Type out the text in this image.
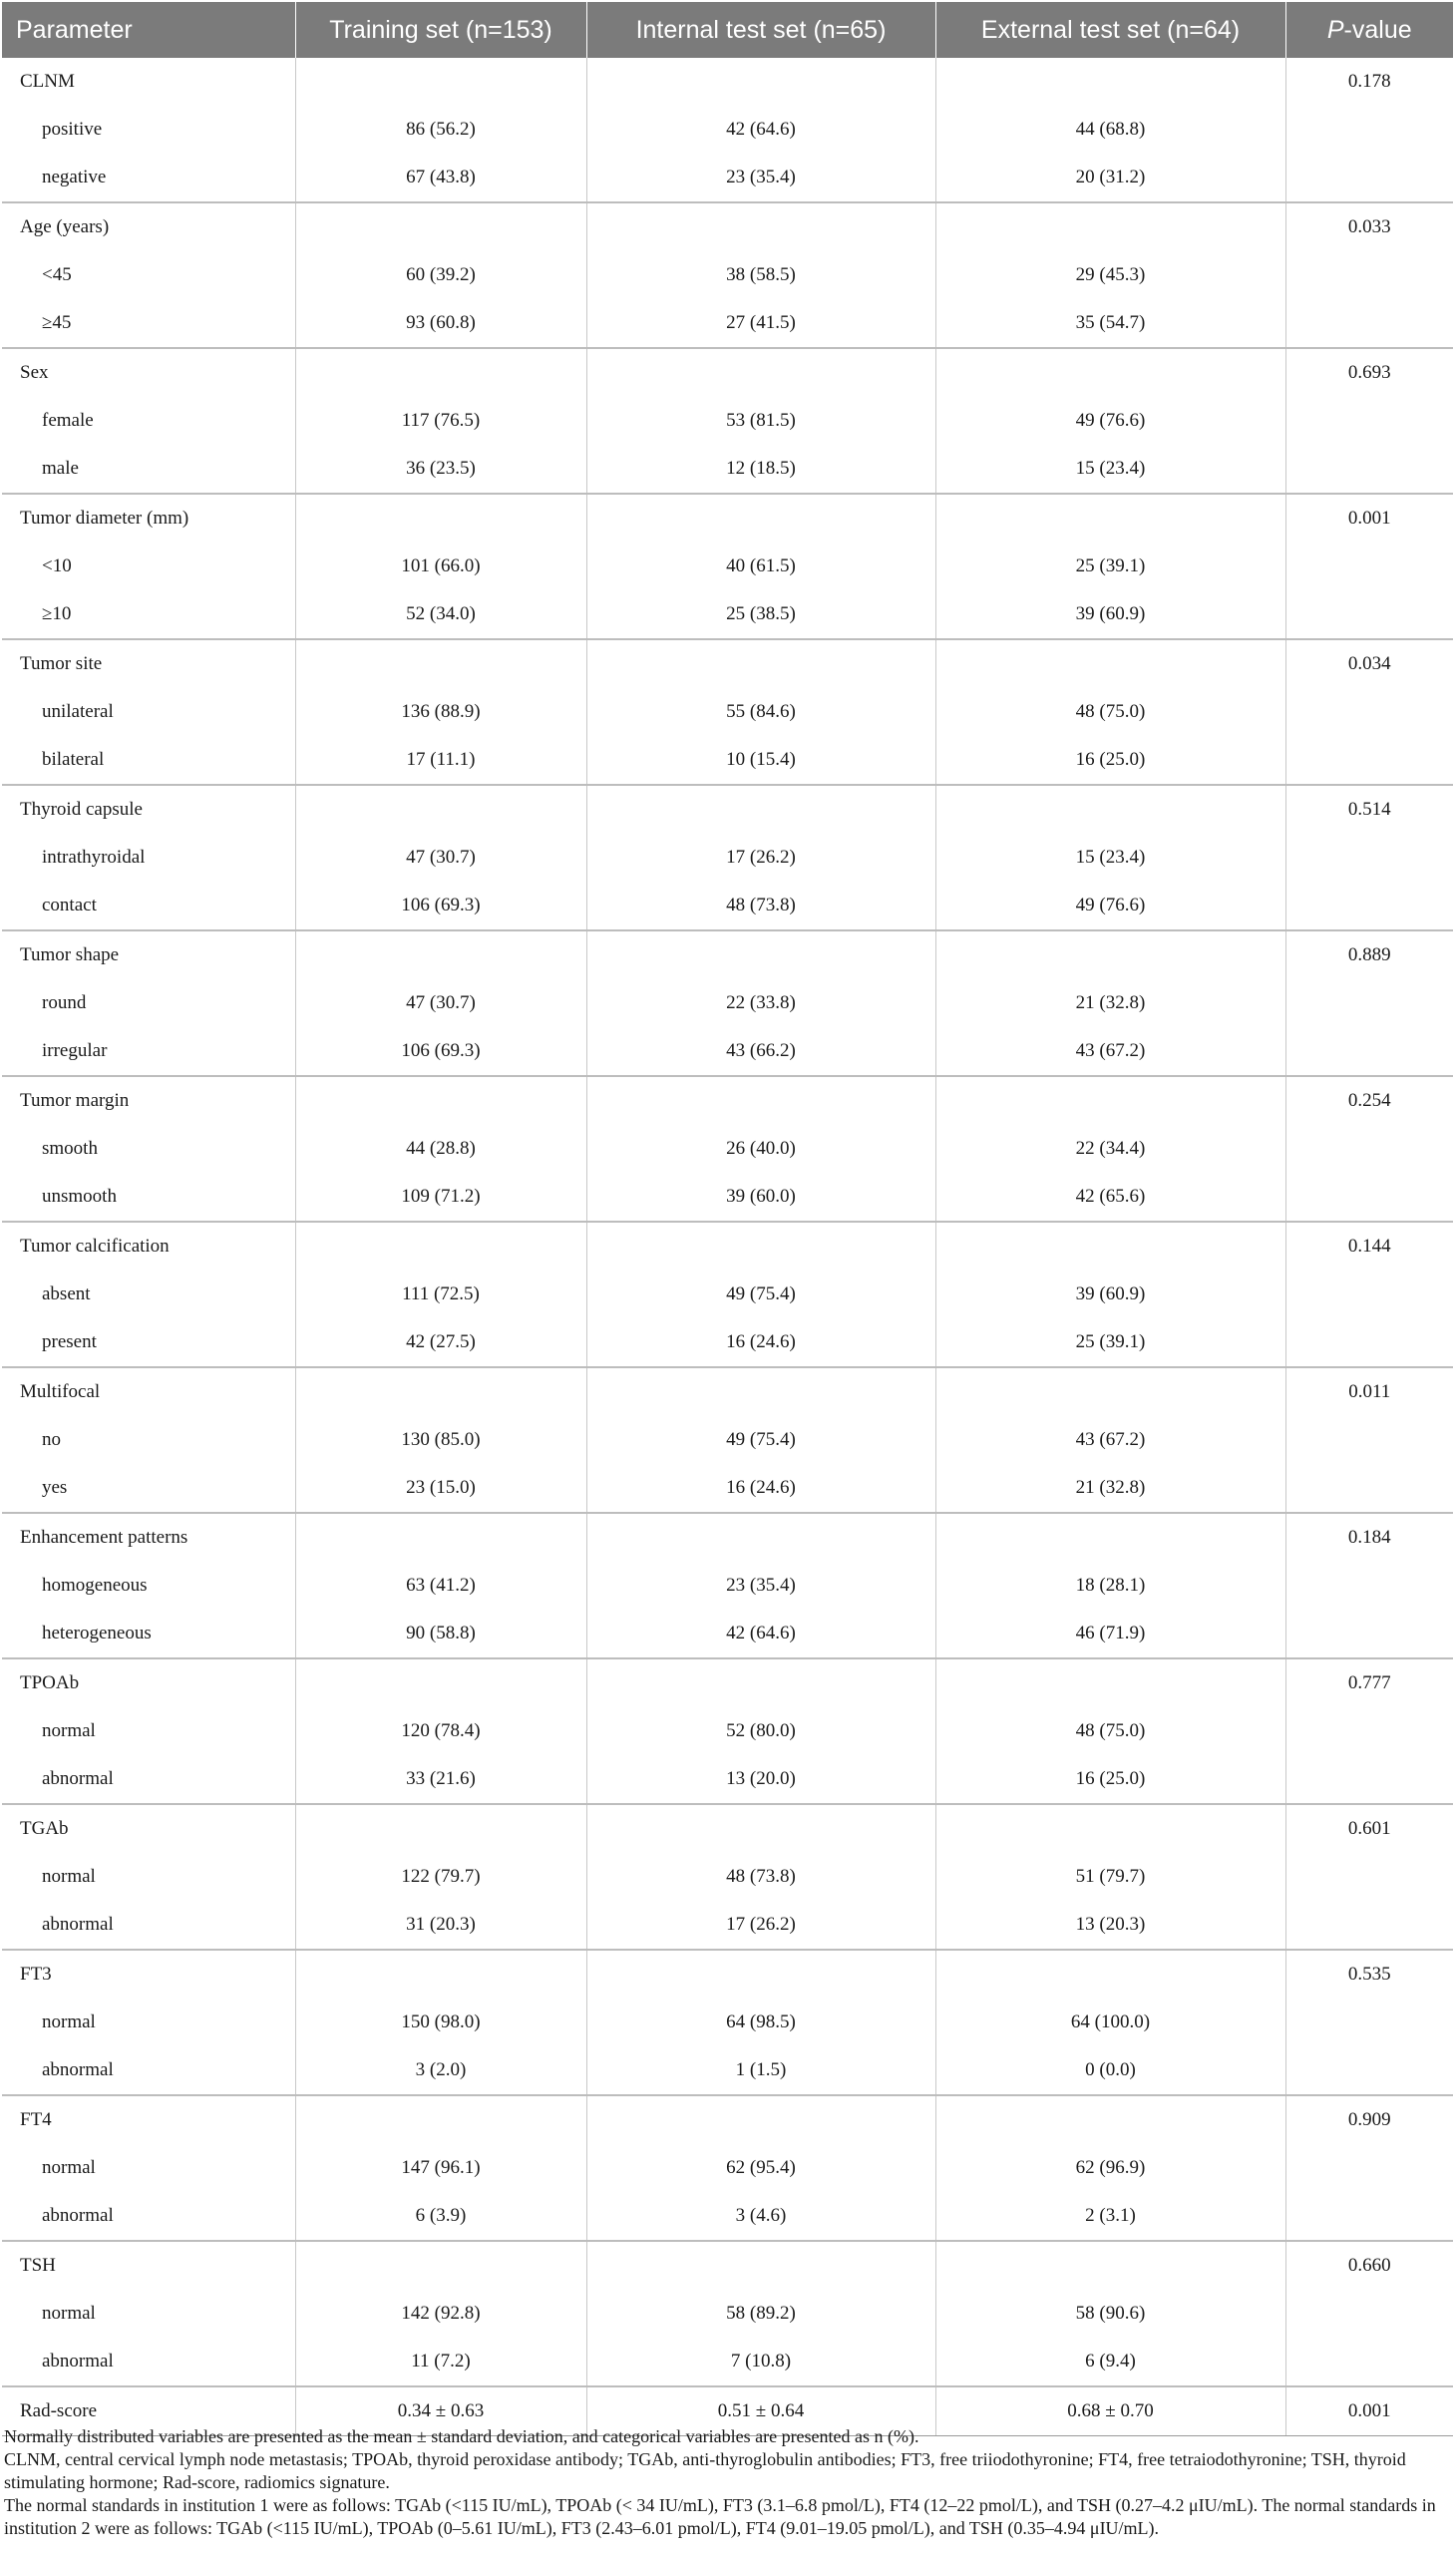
Parameter	Training set (n=153)	Internal test set (n=65)	External test set (n=64)	P-value
CLNM				0.178
positive	86 (56.2)	42 (64.6)	44 (68.8)	
negative	67 (43.8)	23 (35.4)	20 (31.2)	
Age (years)				0.033
<45	60 (39.2)	38 (58.5)	29 (45.3)	
≥45	93 (60.8)	27 (41.5)	35 (54.7)	
Sex				0.693
female	117 (76.5)	53 (81.5)	49 (76.6)	
male	36 (23.5)	12 (18.5)	15 (23.4)	
Tumor diameter (mm)				0.001
<10	101 (66.0)	40 (61.5)	25 (39.1)	
≥10	52 (34.0)	25 (38.5)	39 (60.9)	
Tumor site				0.034
unilateral	136 (88.9)	55 (84.6)	48 (75.0)	
bilateral	17 (11.1)	10 (15.4)	16 (25.0)	
Thyroid capsule				0.514
intrathyroidal	47 (30.7)	17 (26.2)	15 (23.4)	
contact	106 (69.3)	48 (73.8)	49 (76.6)	
Tumor shape				0.889
round	47 (30.7)	22 (33.8)	21 (32.8)	
irregular	106 (69.3)	43 (66.2)	43 (67.2)	
Tumor margin				0.254
smooth	44 (28.8)	26 (40.0)	22 (34.4)	
unsmooth	109 (71.2)	39 (60.0)	42 (65.6)	
Tumor calcification				0.144
absent	111 (72.5)	49 (75.4)	39 (60.9)	
present	42 (27.5)	16 (24.6)	25 (39.1)	
Multifocal				0.011
no	130 (85.0)	49 (75.4)	43 (67.2)	
yes	23 (15.0)	16 (24.6)	21 (32.8)	
Enhancement patterns				0.184
homogeneous	63 (41.2)	23 (35.4)	18 (28.1)	
heterogeneous	90 (58.8)	42 (64.6)	46 (71.9)	
TPOAb				0.777
normal	120 (78.4)	52 (80.0)	48 (75.0)	
abnormal	33 (21.6)	13 (20.0)	16 (25.0)	
TGAb				0.601
normal	122 (79.7)	48 (73.8)	51 (79.7)	
abnormal	31 (20.3)	17 (26.2)	13 (20.3)	
FT3				0.535
normal	150 (98.0)	64 (98.5)	64 (100.0)	
abnormal	3 (2.0)	1 (1.5)	0 (0.0)	
FT4				0.909
normal	147 (96.1)	62 (95.4)	62 (96.9)	
abnormal	6 (3.9)	3 (4.6)	2 (3.1)	
TSH				0.660
normal	142 (92.8)	58 (89.2)	58 (90.6)	
abnormal	11 (7.2)	7 (10.8)	6 (9.4)	
Rad-score	0.34 ± 0.63	0.51 ± 0.64	0.68 ± 0.70	0.001

Normally distributed variables are presented as the mean ± standard deviation, and categorical variables are presented as n (%).

CLNM, central cervical lymph node metastasis; TPOAb, thyroid peroxidase antibody; TGAb, anti-thyroglobulin antibodies; FT3, free triiodothyronine; FT4, free tetraiodothyronine; TSH, thyroid stimulating hormone; Rad-score, radiomics signature.

The normal standards in institution 1 were as follows: TGAb (<115 IU/mL), TPOAb (< 34 IU/mL), FT3 (3.1–6.8 pmol/L), FT4 (12–22 pmol/L), and TSH (0.27–4.2 μIU/mL). The normal standards in institution 2 were as follows: TGAb (<115 IU/mL), TPOAb (0–5.61 IU/mL), FT3 (2.43–6.01 pmol/L), FT4 (9.01–19.05 pmol/L), and TSH (0.35–4.94 μIU/mL).
